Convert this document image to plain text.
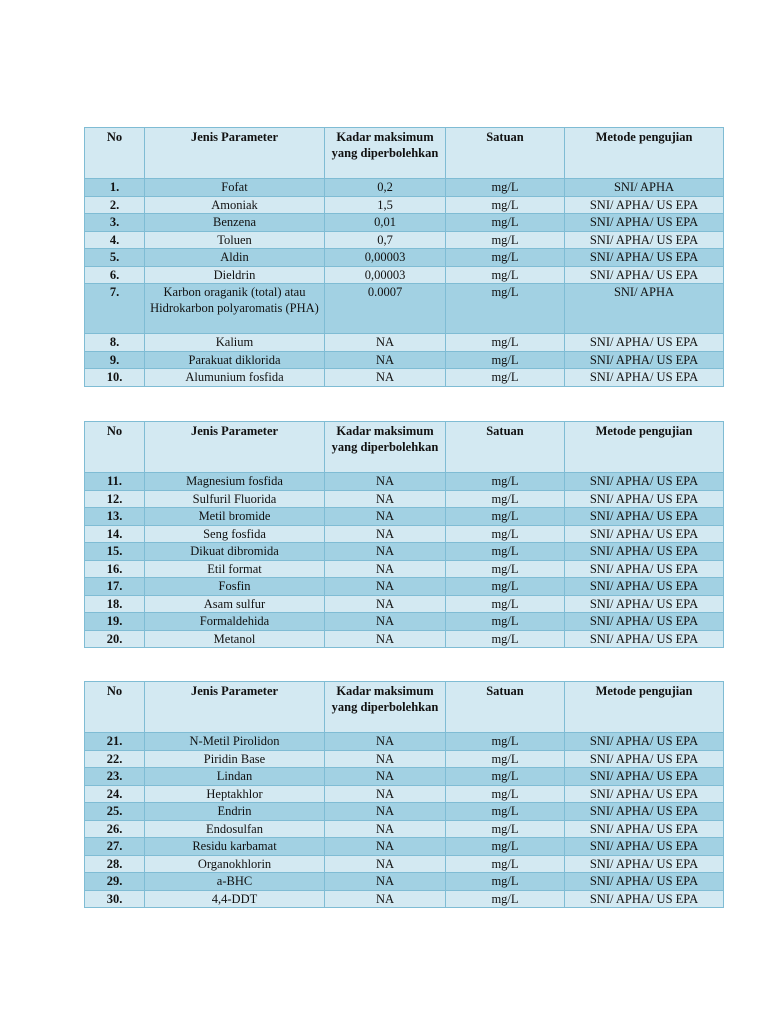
No	Jenis Parameter	Kadar maksimum yang diperbolehkan	Satuan	Metode pengujian
1.	Fofat	0,2	mg/L	SNI/ APHA
2.	Amoniak	1,5	mg/L	SNI/ APHA/ US EPA
3.	Benzena	0,01	mg/L	SNI/ APHA/ US EPA
4.	Toluen	0,7	mg/L	SNI/ APHA/ US EPA
5.	Aldin	0,00003	mg/L	SNI/ APHA/ US EPA
6.	Dieldrin	0,00003	mg/L	SNI/ APHA/ US EPA
7.	Karbon oraganik (total) atau Hidrokarbon polyaromatis (PHA)	0.0007	mg/L	SNI/ APHA
8.	Kalium	NA	mg/L	SNI/ APHA/ US EPA
9.	Parakuat diklorida	NA	mg/L	SNI/ APHA/ US EPA
10.	Alumunium fosfida	NA	mg/L	SNI/ APHA/ US EPA
No	Jenis Parameter	Kadar maksimum yang diperbolehkan	Satuan	Metode pengujian
11.	Magnesium fosfida	NA	mg/L	SNI/ APHA/ US EPA
12.	Sulfuril Fluorida	NA	mg/L	SNI/ APHA/ US EPA
13.	Metil bromide	NA	mg/L	SNI/ APHA/ US EPA
14.	Seng fosfida	NA	mg/L	SNI/ APHA/ US EPA
15.	Dikuat dibromida	NA	mg/L	SNI/ APHA/ US EPA
16.	Etil format	NA	mg/L	SNI/ APHA/ US EPA
17.	Fosfin	NA	mg/L	SNI/ APHA/ US EPA
18.	Asam sulfur	NA	mg/L	SNI/ APHA/ US EPA
19.	Formaldehida	NA	mg/L	SNI/ APHA/ US EPA
20.	Metanol	NA	mg/L	SNI/ APHA/ US EPA
No	Jenis Parameter	Kadar maksimum yang diperbolehkan	Satuan	Metode pengujian
21.	N-Metil Pirolidon	NA	mg/L	SNI/ APHA/ US EPA
22.	Piridin Base	NA	mg/L	SNI/ APHA/ US EPA
23.	Lindan	NA	mg/L	SNI/ APHA/ US EPA
24.	Heptakhlor	NA	mg/L	SNI/ APHA/ US EPA
25.	Endrin	NA	mg/L	SNI/ APHA/ US EPA
26.	Endosulfan	NA	mg/L	SNI/ APHA/ US EPA
27.	Residu karbamat	NA	mg/L	SNI/ APHA/ US EPA
28.	Organokhlorin	NA	mg/L	SNI/ APHA/ US EPA
29.	a-BHC	NA	mg/L	SNI/ APHA/ US EPA
30.	4,4-DDT	NA	mg/L	SNI/ APHA/ US EPA
